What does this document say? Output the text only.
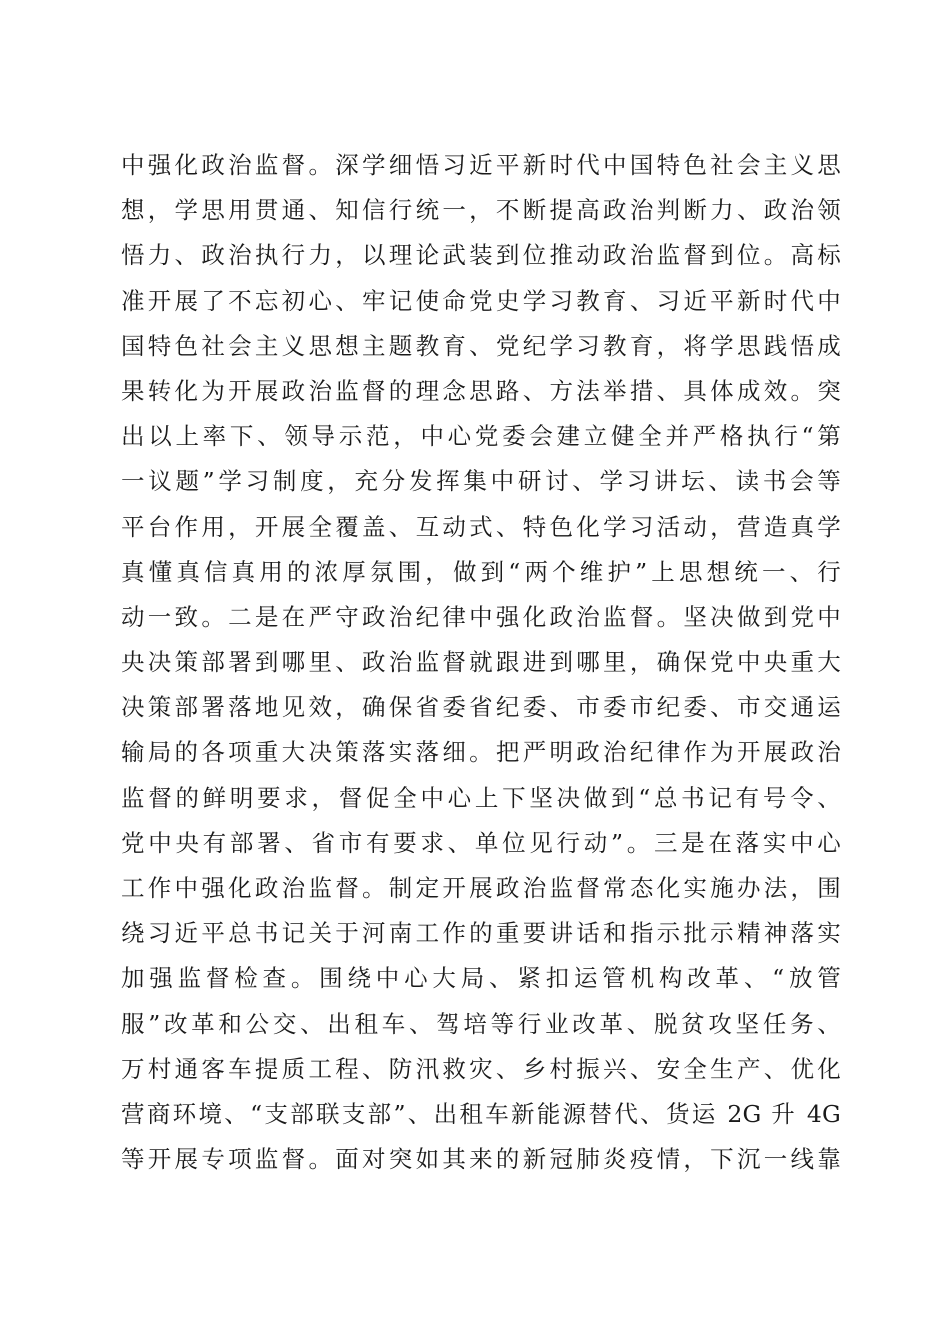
中强化政治监督。深学细悟习近平新时代中国特色社会主义思
想，学思用贯通、知信行统一，不断提高政治判断力、政治领
悟力、政治执行力，以理论武装到位推动政治监督到位。高标
准开展了不忘初心、牢记使命党史学习教育、习近平新时代中
国特色社会主义思想主题教育、党纪学习教育，将学思践悟成
果转化为开展政治监督的理念思路、方法举措、具体成效。突
出以上率下、领导示范，中心党委会建立健全并严格执行“第
一议题”学习制度，充分发挥集中研讨、学习讲坛、读书会等
平台作用，开展全覆盖、互动式、特色化学习活动，营造真学
真懂真信真用的浓厚氛围，做到“两个维护”上思想统一、行
动一致。二是在严守政治纪律中强化政治监督。坚决做到党中
央决策部署到哪里、政治监督就跟进到哪里，确保党中央重大
决策部署落地见效，确保省委省纪委、市委市纪委、市交通运
输局的各项重大决策落实落细。把严明政治纪律作为开展政治
监督的鲜明要求，督促全中心上下坚决做到“总书记有号令、
党中央有部署、省市有要求、单位见行动”。三是在落实中心
工作中强化政治监督。制定开展政治监督常态化实施办法，围
绕习近平总书记关于河南工作的重要讲话和指示批示精神落实
加强监督检查。围绕中心大局、紧扣运管机构改革、“放管
服”改革和公交、出租车、驾培等行业改革、脱贫攻坚任务、
万村通客车提质工程、防汛救灾、乡村振兴、安全生产、优化
营商环境、“支部联支部”、出租车新能源替代、货运 2G 升 4G
等开展专项监督。面对突如其来的新冠肺炎疫情，下沉一线靠
